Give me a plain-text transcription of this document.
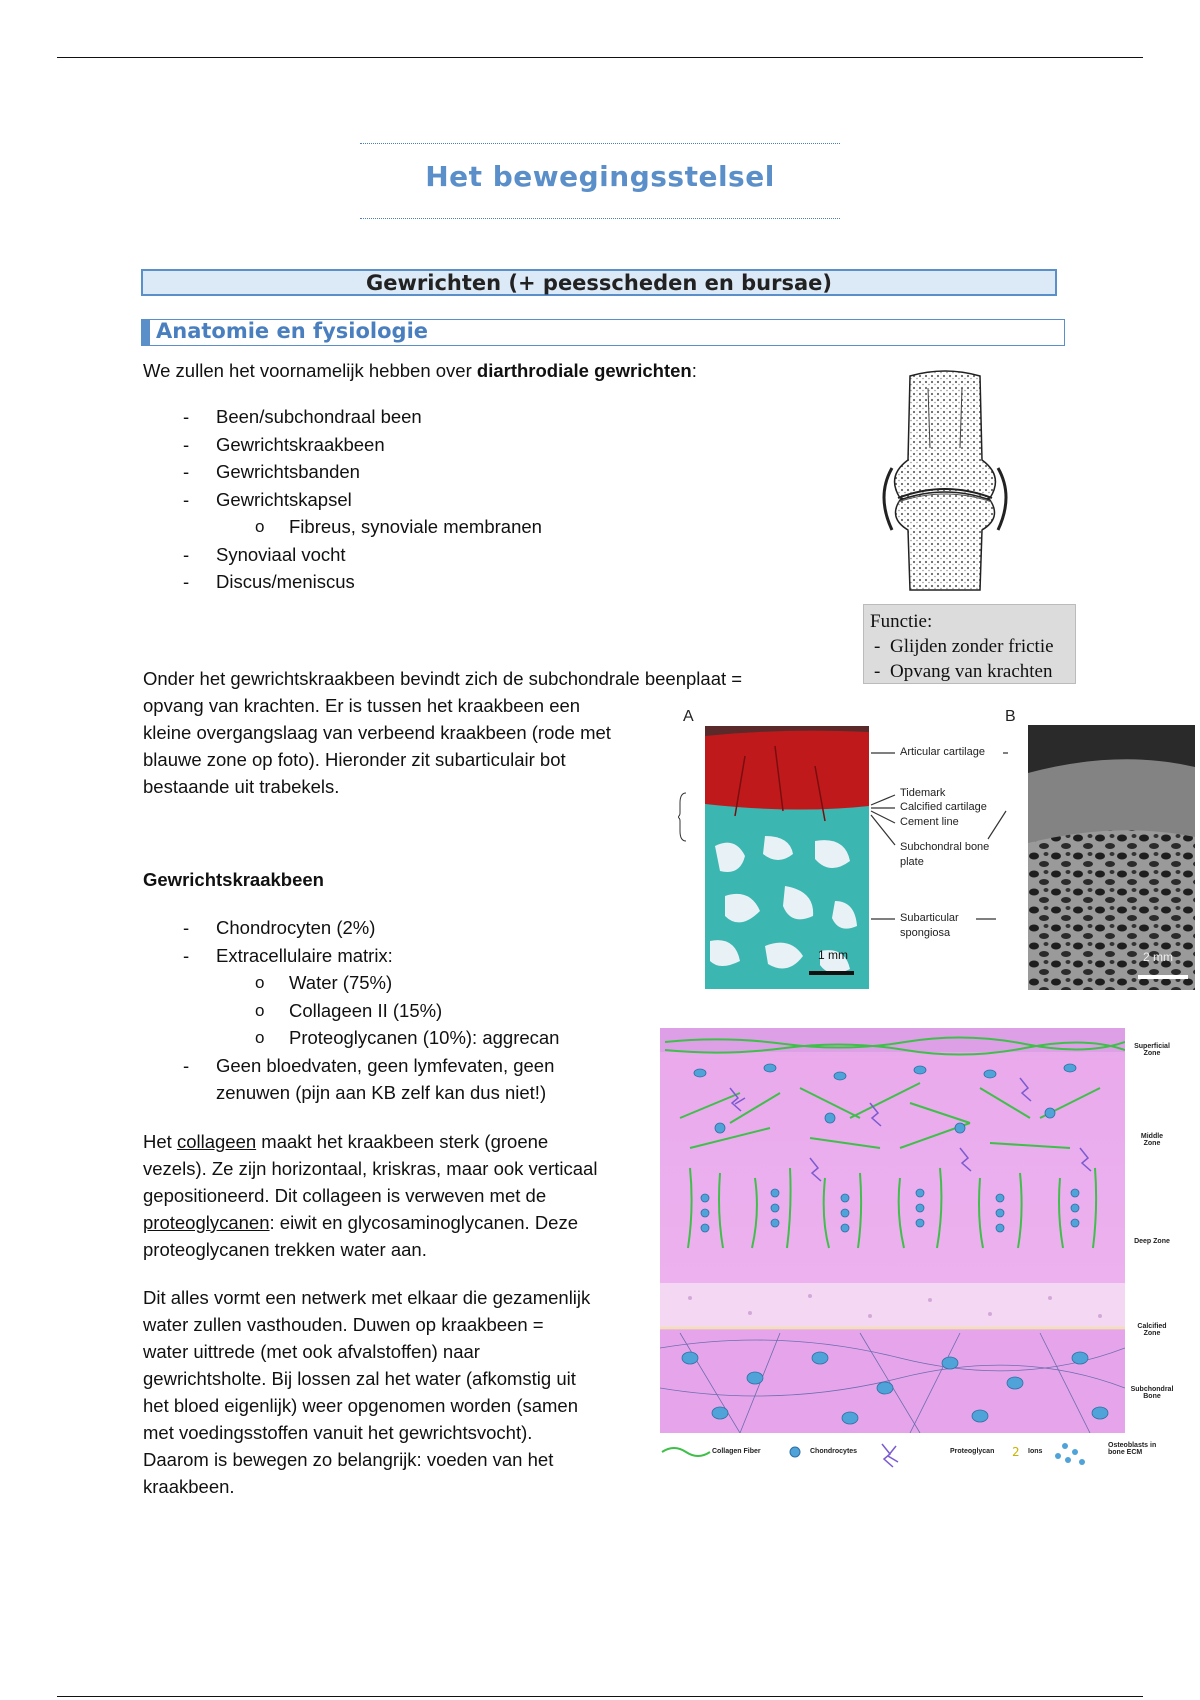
Het bewegingsstelsel
Gewrichten (+ peesscheden en bursae)
Anatomie en fysiologie
We zullen het voornamelijk hebben over diarthrodiale gewrichten:
- Been/subchondraal been
- Gewrichtskraakbeen
- Gewrichtsbanden
- Gewrichtskapsel
o Fibreus, synoviale membranen
- Synoviaal vocht
- Discus/meniscus
Functie:
- Glijden zonder frictie
- Opvang van krachten
Onder het gewrichtskraakbeen bevindt zich de subchondrale beenplaat =
opvang van krachten. Er is tussen het kraakbeen een
kleine overgangslaag van verbeend kraakbeen (rode met
blauwe zone op foto). Hieronder zit subarticulair bot
bestaande uit trabekels.
A	B
1 mm
Articular cartilage
Tidemark
Calcified cartilage
Cement line
Subchondral bone
plate
Subarticular
spongiosa
2 mm
Gewrichtskraakbeen
- Chondrocyten (2%)
- Extracellulaire matrix:
o Water (75%)
o Collageen II (15%)
o Proteoglycanen (10%): aggrecan
- Geen bloedvaten, geen lymfevaten, geen
zenuwen (pijn aan KB zelf kan dus niet!)
Het collageen maakt het kraakbeen sterk (groene
vezels). Ze zijn horizontaal, kriskras, maar ook verticaal
gepositioneerd. Dit collageen is verweven met de
proteoglycanen: eiwit en glycosaminoglycanen. Deze
proteoglycanen trekken water aan.
Dit alles vormt een netwerk met elkaar die gezamenlijk
water zullen vasthouden. Duwen op kraakbeen =
water uittrede (met ook afvalstoffen) naar
gewrichtsholte. Bij lossen zal het water (afkomstig uit
het bloed eigenlijk) weer opgenomen worden (samen
met voedingsstoffen vanuit het gewrichtsvocht).
Daarom is bewegen zo belangrijk: voeden van het
kraakbeen.
Superficial
Zone
Middle
Zone
Deep Zone
Calcified
Zone
Subchondral
Bone
2
Collagen Fiber	Chondrocytes	Proteoglycan	Ions
Osteoblasts in
bone ECM
